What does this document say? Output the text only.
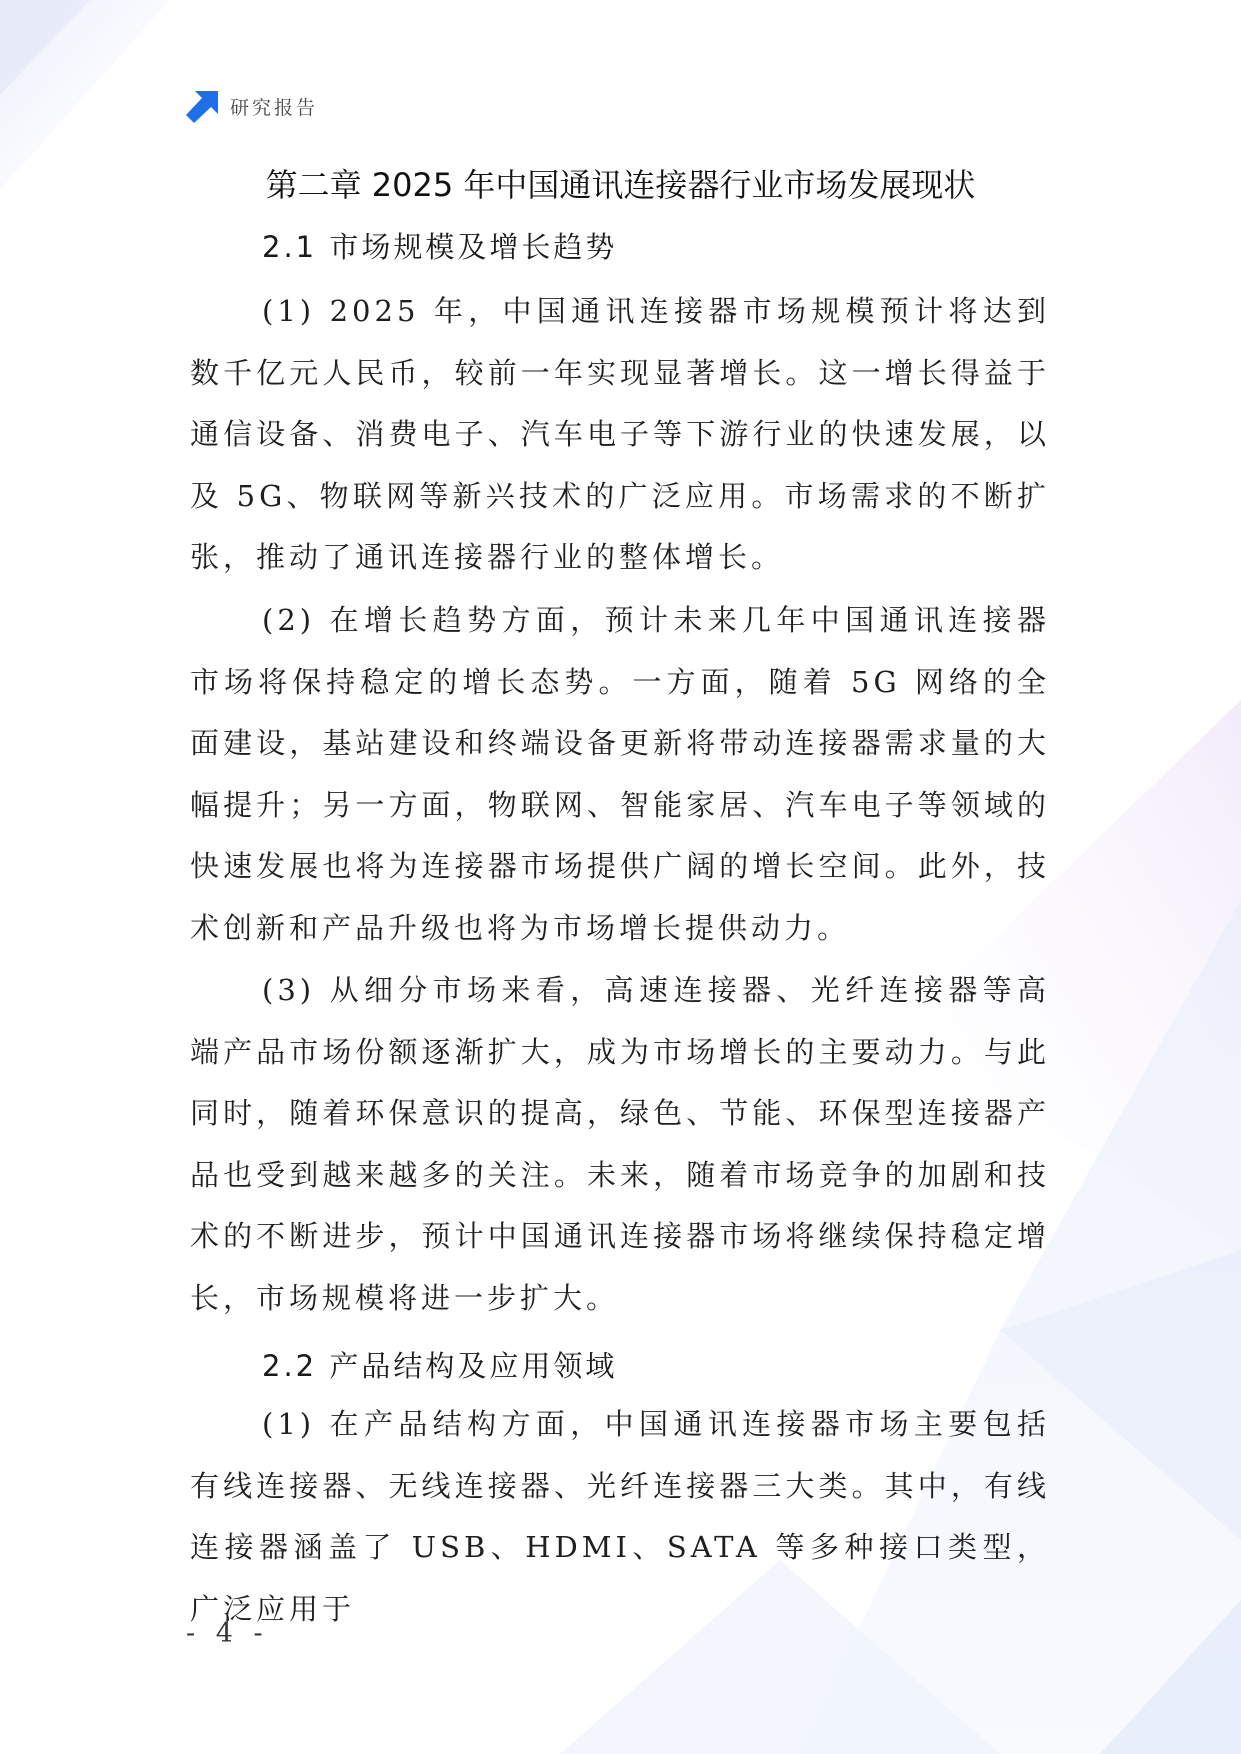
研究报告
第二章 2025 年中国通讯连接器行业市场发展现状
2.1 市场规模及增长趋势

(1) 2025 年，中国通讯连接器市场规模预计将达到数千亿元人民币，较前一年实现显著增长。这一增长得益于通信设备、消费电子、汽车电子等下游行业的快速发展，以及 5G、物联网等新兴技术的广泛应用。市场需求的不断扩张，推动了通讯连接器行业的整体增长。

(2) 在增长趋势方面，预计未来几年中国通讯连接器市场将保持稳定的增长态势。一方面，随着 5G 网络的全面建设，基站建设和终端设备更新将带动连接器需求量的大幅提升；另一方面，物联网、智能家居、汽车电子等领域的快速发展也将为连接器市场提供广阔的增长空间。此外，技术创新和产品升级也将为市场增长提供动力。

(3) 从细分市场来看，高速连接器、光纤连接器等高端产品市场份额逐渐扩大，成为市场增长的主要动力。与此同时，随着环保意识的提高，绿色、节能、环保型连接器产品也受到越来越多的关注。未来，随着市场竞争的加剧和技术的不断进步，预计中国通讯连接器市场将继续保持稳定增长，市场规模将进一步扩大。

2.2 产品结构及应用领域

(1) 在产品结构方面，中国通讯连接器市场主要包括有线连接器、无线连接器、光纤连接器三大类。其中，有线连接器涵盖了 USB、HDMI、SATA 等多种接口类型，广泛应用于

- 4 -
